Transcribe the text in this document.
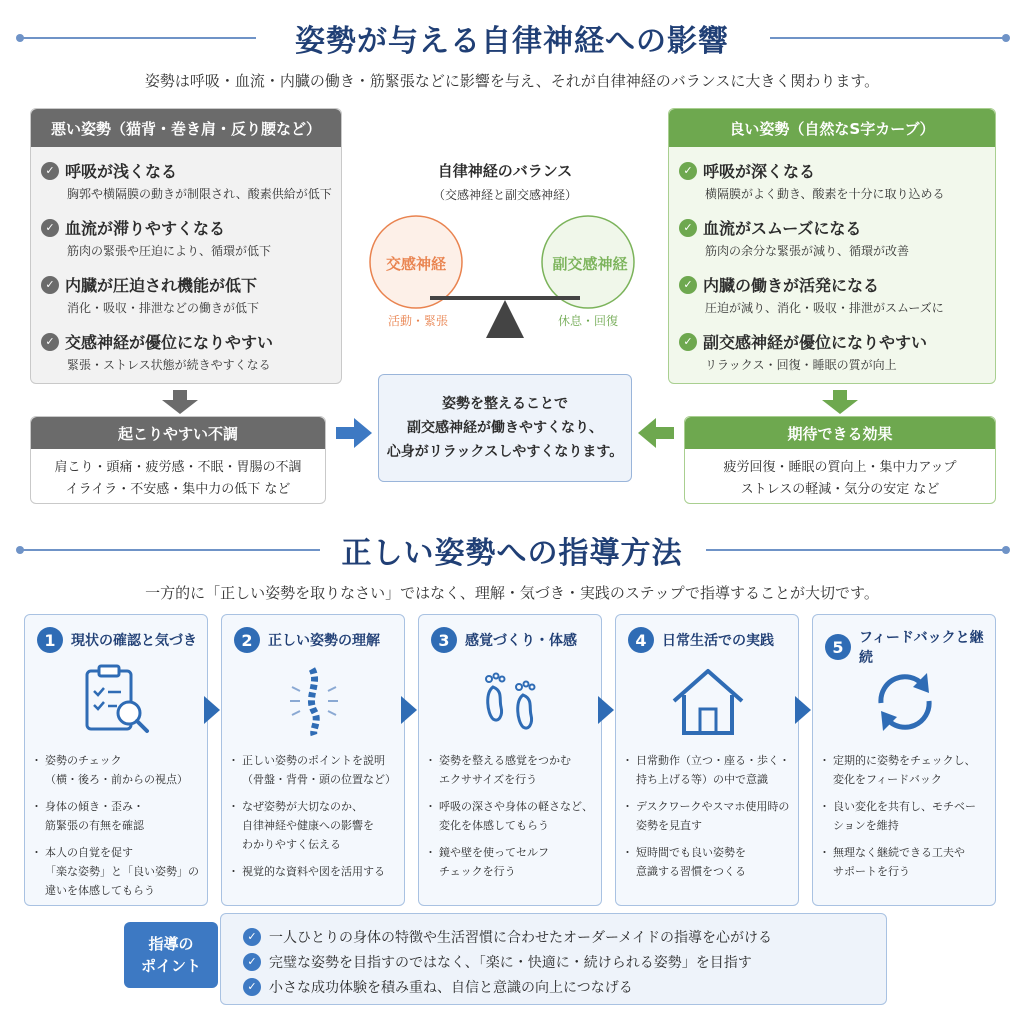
姿勢が与える自律神経への影響
姿勢は呼吸・血流・内臓の働き・筋緊張などに影響を与え、それが自律神経のバランスに大きく関わります。
悪い姿勢（猫背・巻き肩・反り腰など）
✓ 呼吸が浅くなる
胸郭や横隔膜の動きが制限され、酸素供給が低下
✓ 血流が滞りやすくなる
筋肉の緊張や圧迫により、循環が低下
✓ 内臓が圧迫され機能が低下
消化・吸収・排泄などの働きが低下
✓ 交感神経が優位になりやすい
緊張・ストレス状態が続きやすくなる
良い姿勢（自然なS字カーブ）
✓ 呼吸が深くなる
横隔膜がよく動き、酸素を十分に取り込める
✓ 血流がスムーズになる
筋肉の余分な緊張が減り、循環が改善
✓ 内臓の働きが活発になる
圧迫が減り、消化・吸収・排泄がスムーズに
✓ 副交感神経が優位になりやすい
リラックス・回復・睡眠の質が向上
自律神経のバランス
（交感神経と副交感神経）
交感神経	副交感神経
活動・緊張	休息・回復
起こりやすい不調
肩こり・頭痛・疲労感・不眠・胃腸の不調
イライラ・不安感・集中力の低下 など
期待できる効果
疲労回復・睡眠の質向上・集中力アップ
ストレスの軽減・気分の安定 など
姿勢を整えることで
副交感神経が働きやすくなり、
心身がリラックスしやすくなります。
正しい姿勢への指導方法
一方的に「正しい姿勢を取りなさい」ではなく、理解・気づき・実践のステップで指導することが大切です。
1	現状の確認と気づき
・ 姿勢のチェック
（横・後ろ・前からの視点）
・ 身体の傾き・歪み・
筋緊張の有無を確認
・ 本人の自覚を促す
「楽な姿勢」と「良い姿勢」の
違いを体感してもらう
2	正しい姿勢の理解
・ 正しい姿勢のポイントを説明
（骨盤・背骨・頭の位置など）
・ なぜ姿勢が大切なのか、
自律神経や健康への影響を
わかりやすく伝える
・ 視覚的な資料や図を活用する
3	感覚づくり・体感
・ 姿勢を整える感覚をつかむ
エクササイズを行う
・ 呼吸の深さや身体の軽さなど、
変化を体感してもらう
・ 鏡や壁を使ってセルフ
チェックを行う
4	日常生活での実践
・ 日常動作（立つ・座る・歩く・
持ち上げる等）の中で意識
・ デスクワークやスマホ使用時の
姿勢を見直す
・ 短時間でも良い姿勢を
意識する習慣をつくる
5	フィードバックと継続
・ 定期的に姿勢をチェックし、
変化をフィードバック
・ 良い変化を共有し、モチベー
ションを維持
・ 無理なく継続できる工夫や
サポートを行う
指導の
ポイント
✓ 一人ひとりの身体の特徴や生活習慣に合わせたオーダーメイドの指導を心がける
✓ 完璧な姿勢を目指すのではなく、「楽に・快適に・続けられる姿勢」を目指す
✓ 小さな成功体験を積み重ね、自信と意識の向上につなげる
